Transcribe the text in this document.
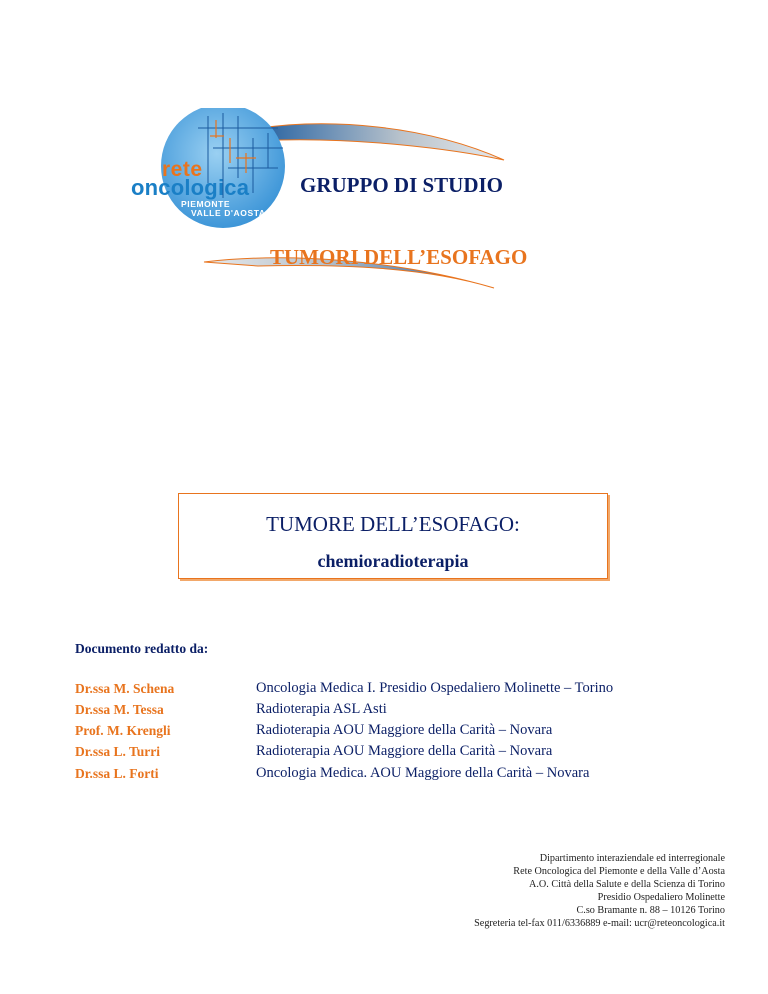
rete
oncologica
PIEMONTE
VALLE D'AOSTA
GRUPPO DI STUDIO
TUMORI DELL’ESOFAGO
TUMORE DELL’ESOFAGO:
chemioradioterapia
Documento redatto da:
Dr.ssa M. Schena	Oncologia Medica I. Presidio Ospedaliero Molinette – Torino
Dr.ssa M. Tessa	Radioterapia ASL Asti
Prof. M. Krengli	Radioterapia AOU Maggiore della Carità – Novara
Dr.ssa L. Turri	Radioterapia AOU Maggiore della Carità – Novara
Dr.ssa L. Forti	Oncologia Medica. AOU Maggiore della Carità – Novara
Dipartimento interaziendale ed interregionale
Rete Oncologica del Piemonte e della Valle d’Aosta
A.O. Città della Salute e della Scienza di Torino
Presidio Ospedaliero Molinette
C.so Bramante n. 88 – 10126 Torino
Segreteria tel-fax 011/6336889 e-mail: ucr@reteoncologica.it
